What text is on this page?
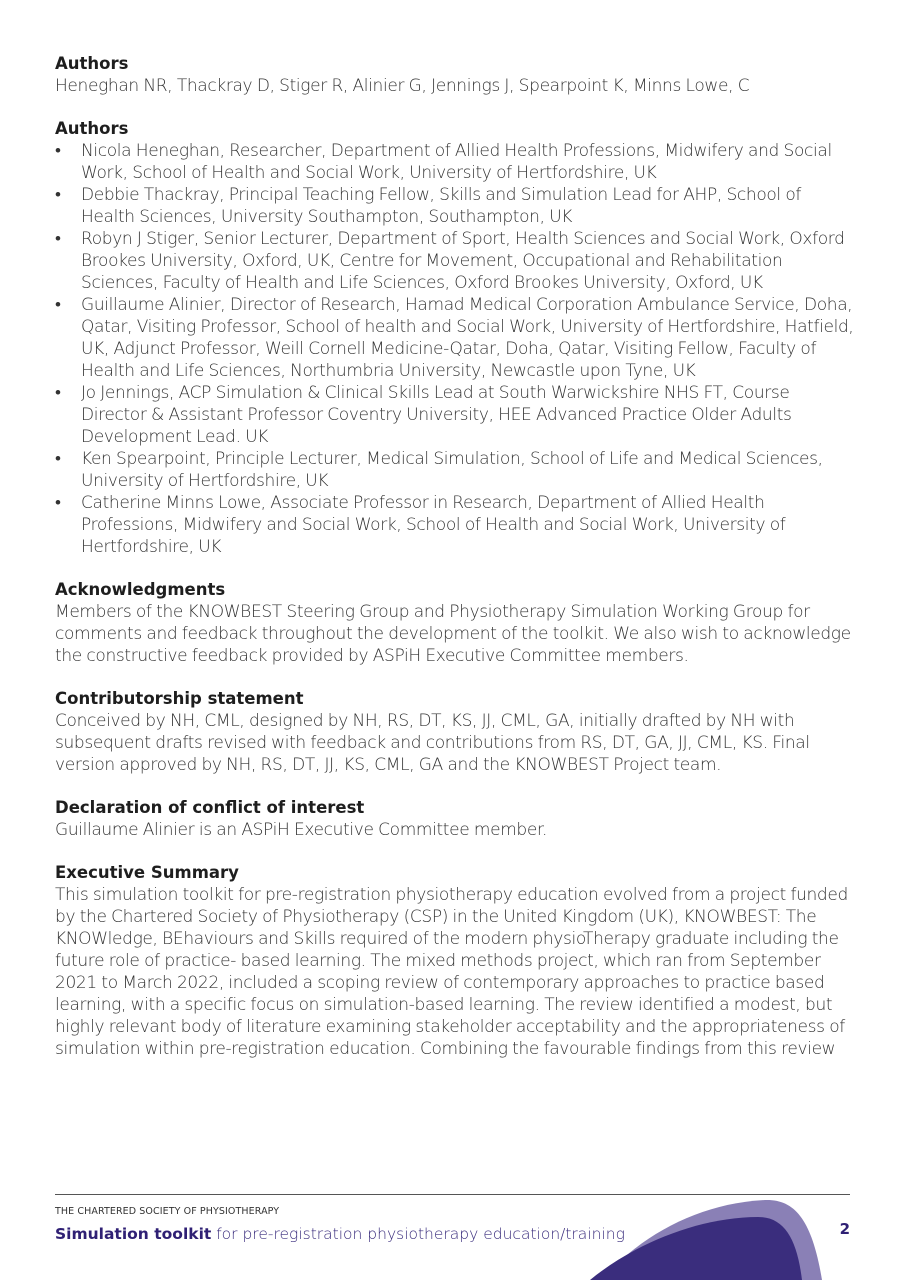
Authors
Heneghan NR, Thackray D, Stiger R, Alinier G, Jennings J, Spearpoint K, Minns Lowe, C
Authors
• Nicola Heneghan, Researcher, Department of Allied Health Professions, Midwifery and Social Work, School of Health and Social Work, University of Hertfordshire, UK
• Debbie Thackray, Principal Teaching Fellow, Skills and Simulation Lead for AHP, School of Health Sciences, University Southampton, Southampton, UK
• Robyn J Stiger, Senior Lecturer, Department of Sport, Health Sciences and Social Work, Oxford Brookes University, Oxford, UK, Centre for Movement, Occupational and Rehabilitation Sciences, Faculty of Health and Life Sciences, Oxford Brookes University, Oxford, UK
• Guillaume Alinier, Director of Research, Hamad Medical Corporation Ambulance Service, Doha, Qatar, Visiting Professor, School of health and Social Work, University of Hertfordshire, Hatfield, UK, Adjunct Professor, Weill Cornell Medicine-Qatar, Doha, Qatar, Visiting Fellow, Faculty of Health and Life Sciences, Northumbria University, Newcastle upon Tyne, UK
• Jo Jennings, ACP Simulation & Clinical Skills Lead at South Warwickshire NHS FT, Course Director & Assistant Professor Coventry University, HEE Advanced Practice Older Adults Development Lead. UK
• Ken Spearpoint, Principle Lecturer, Medical Simulation, School of Life and Medical Sciences, University of Hertfordshire, UK
• Catherine Minns Lowe, Associate Professor in Research, Department of Allied Health Professions, Midwifery and Social Work, School of Health and Social Work, University of Hertfordshire, UK
Acknowledgments
Members of the KNOWBEST Steering Group and Physiotherapy Simulation Working Group for comments and feedback throughout the development of the toolkit. We also wish to acknowledge the constructive feedback provided by ASPiH Executive Committee members.
Contributorship statement
Conceived by NH, CML, designed by NH, RS, DT, KS, JJ, CML, GA, initially drafted by NH with subsequent drafts revised with feedback and contributions from RS, DT, GA, JJ, CML, KS. Final version approved by NH, RS, DT, JJ, KS, CML, GA and the KNOWBEST Project team.
Declaration of conflict of interest
Guillaume Alinier is an ASPiH Executive Committee member.
Executive Summary
This simulation toolkit for pre-registration physiotherapy education evolved from a project funded by the Chartered Society of Physiotherapy (CSP) in the United Kingdom (UK), KNOWBEST: The KNOWledge, BEhaviours and Skills required of the modern physioTherapy graduate including the future role of practice- based learning. The mixed methods project, which ran from September 2021 to March 2022, included a scoping review of contemporary approaches to practice based learning, with a specific focus on simulation-based learning. The review identified a modest, but highly relevant body of literature examining stakeholder acceptability and the appropriateness of simulation within pre-registration education. Combining the favourable findings from this review
THE CHARTERED SOCIETY OF PHYSIOTHERAPY
Simulation toolkit for pre-registration physiotherapy education/training	2
